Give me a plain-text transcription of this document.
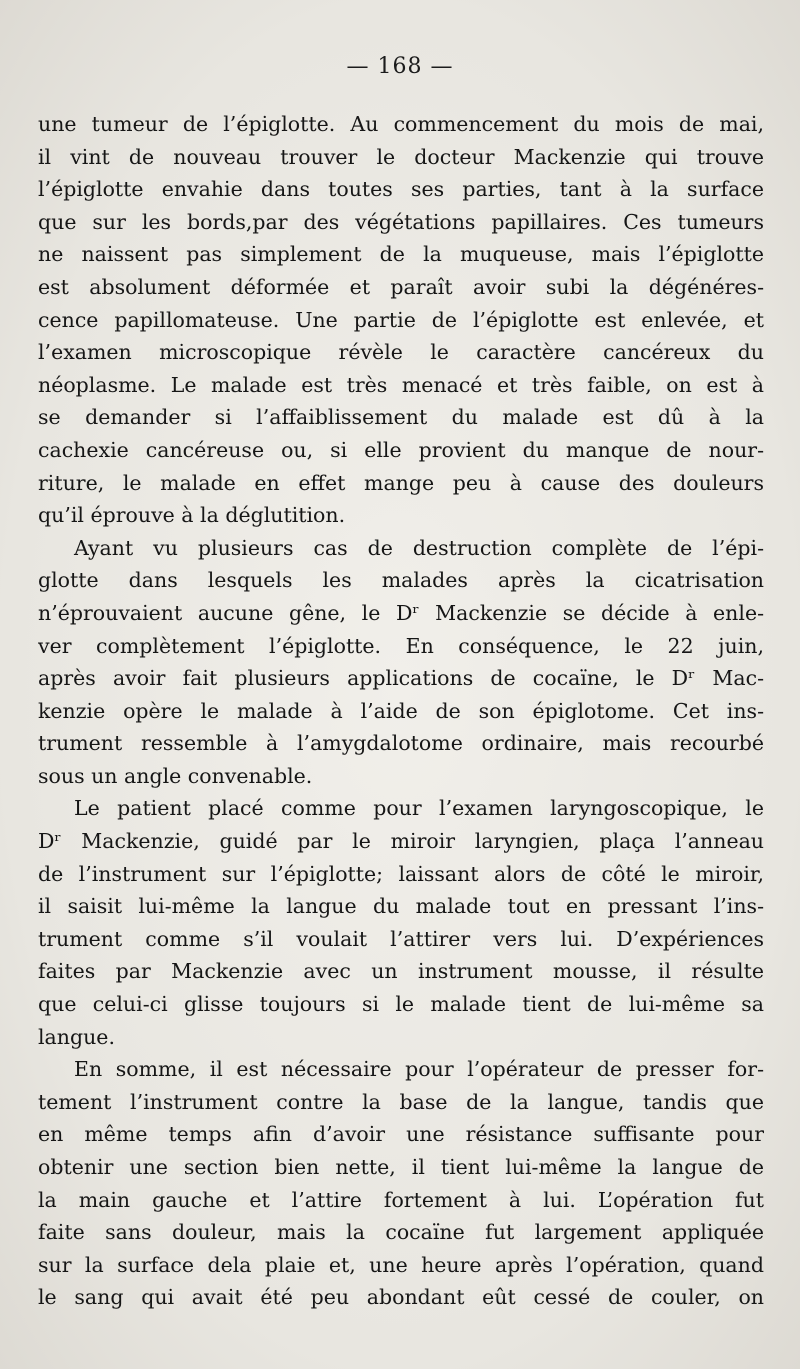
— 168 —
une tumeur de l’épiglotte. Au commencement du mois de mai,
il vint de nouveau trouver le docteur Mackenzie qui trouve
l’épiglotte envahie dans toutes ses parties, tant à la surface
que sur les bords,par des végétations papillaires. Ces tumeurs
ne naissent pas simplement de la muqueuse, mais l’épiglotte
est absolument déformée et paraît avoir subi la dégénéres-
cence papillomateuse. Une partie de l’épiglotte est enlevée, et
l’examen microscopique révèle le caractère cancéreux du
néoplasme. Le malade est très menacé et très faible, on est à
se demander si l’affaiblissement du malade est dû à la
cachexie cancéreuse ou, si elle provient du manque de nour-
riture, le malade en effet mange peu à cause des douleurs
qu’il éprouve à la déglutition.
Ayant vu plusieurs cas de destruction complète de l’épi-
glotte dans lesquels les malades après la cicatrisation
n’éprouvaient aucune gêne, le Dʳ Mackenzie se décide à enle-
ver complètement l’épiglotte. En conséquence, le 22 juin,
après avoir fait plusieurs applications de cocaïne, le Dʳ Mac-
kenzie opère le malade à l’aide de son épiglotome. Cet ins-
trument ressemble à l’amygdalotome ordinaire, mais recourbé
sous un angle convenable.
Le patient placé comme pour l’examen laryngoscopique, le
Dʳ Mackenzie, guidé par le miroir laryngien, plaça l’anneau
de l’instrument sur l’épiglotte; laissant alors de côté le miroir,
il saisit lui-même la langue du malade tout en pressant l’ins-
trument comme s’il voulait l’attirer vers lui. D’expériences
faites par Mackenzie avec un instrument mousse, il résulte
que celui-ci glisse toujours si le malade tient de lui-même sa
langue.
En somme, il est nécessaire pour l’opérateur de presser for-
tement l’instrument contre la base de la langue, tandis que
en même temps afin d’avoir une résistance suffisante pour
obtenir une section bien nette, il tient lui-même la langue de
la main gauche et l’attire fortement à lui. L’opération fut
faite sans douleur, mais la cocaïne fut largement appliquée
sur la surface dela plaie et, une heure après l’opération, quand
le sang qui avait été peu abondant eût cessé de couler, on
